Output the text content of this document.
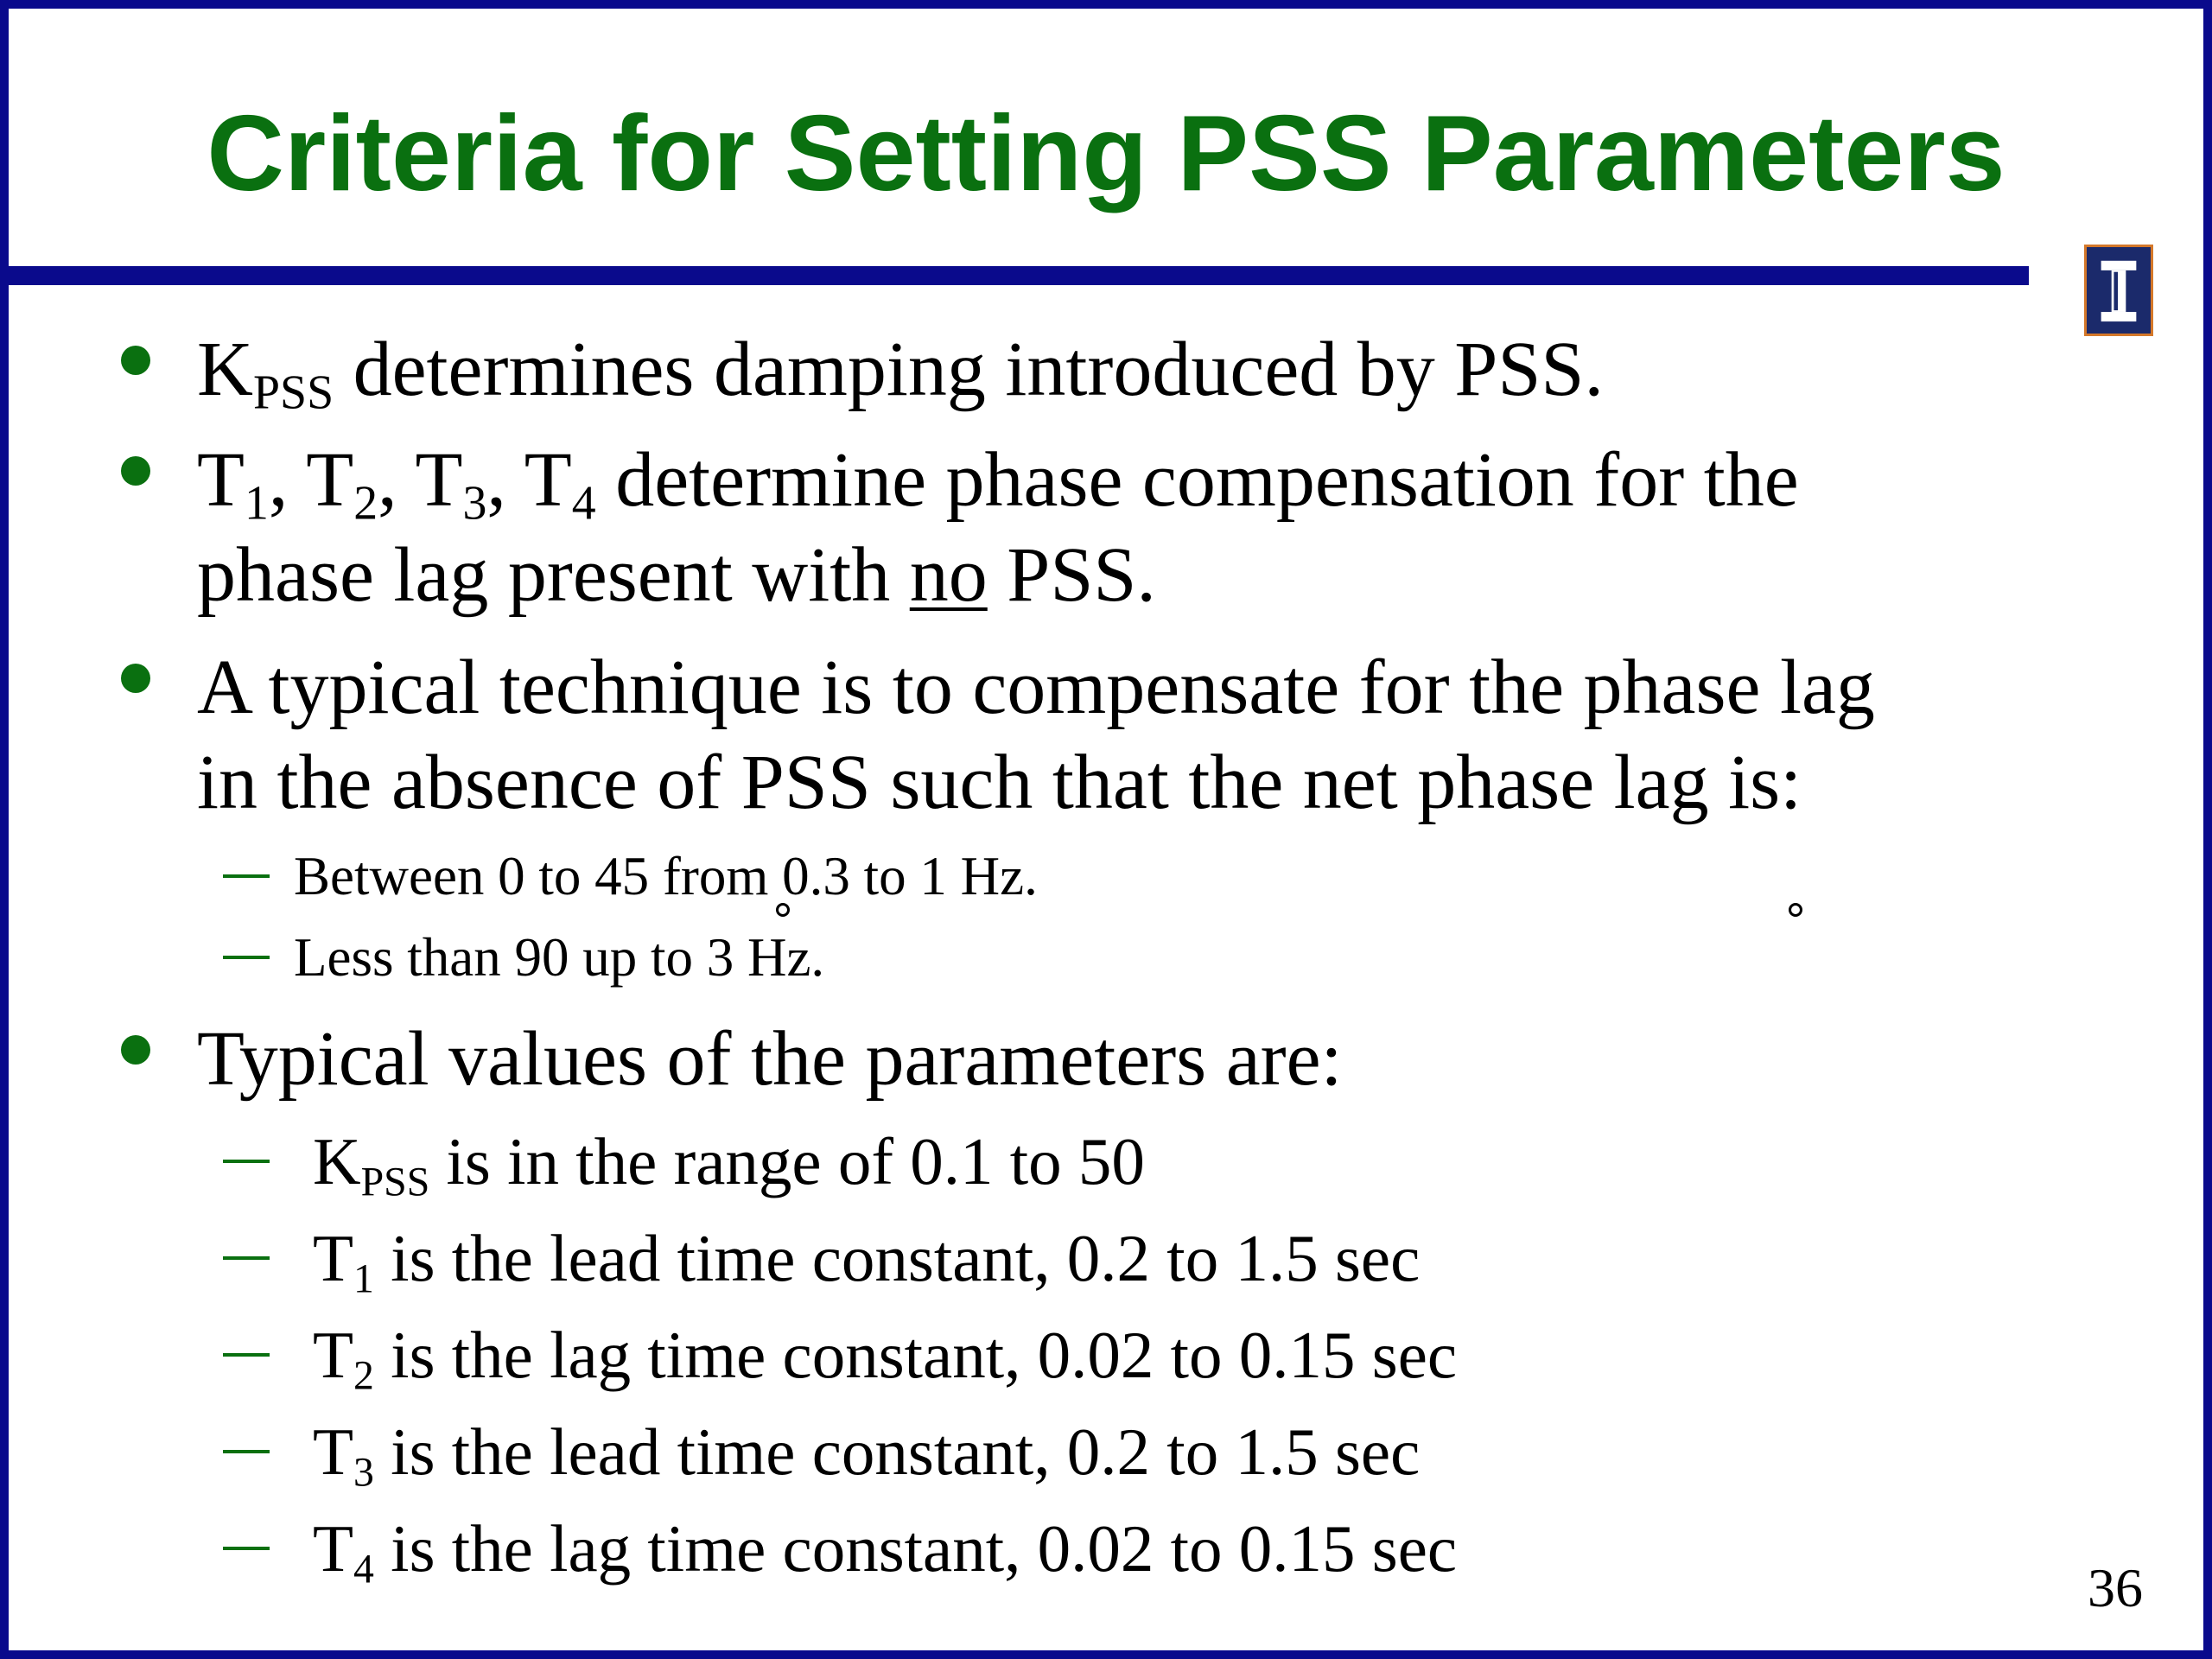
Criteria for Setting PSS Parameters
$K_{PSS}$ determines damping introduced by PSS.
$T_1$, $T_2$, $T_3$, $T_4$ determine phase compensation for the
phase lag present with no PSS.
A typical technique is to compensate for the phase lag
in the absence of PSS such that the net phase lag is:
Between 0 to 45 from 0.3 to 1 Hz.
Less than 90 up to 3 Hz.
Typical values of the parameters are:
$K_{PSS}$ is in the range of 0.1 to 50
$T_1$ is the lead time constant, 0.2 to 1.5 sec
$T_2$ is the lag time constant, 0.02 to 0.15 sec
$T_3$ is the lead time constant, 0.2 to 1.5 sec
$T_4$ is the lag time constant, 0.02 to 0.15 sec
36
